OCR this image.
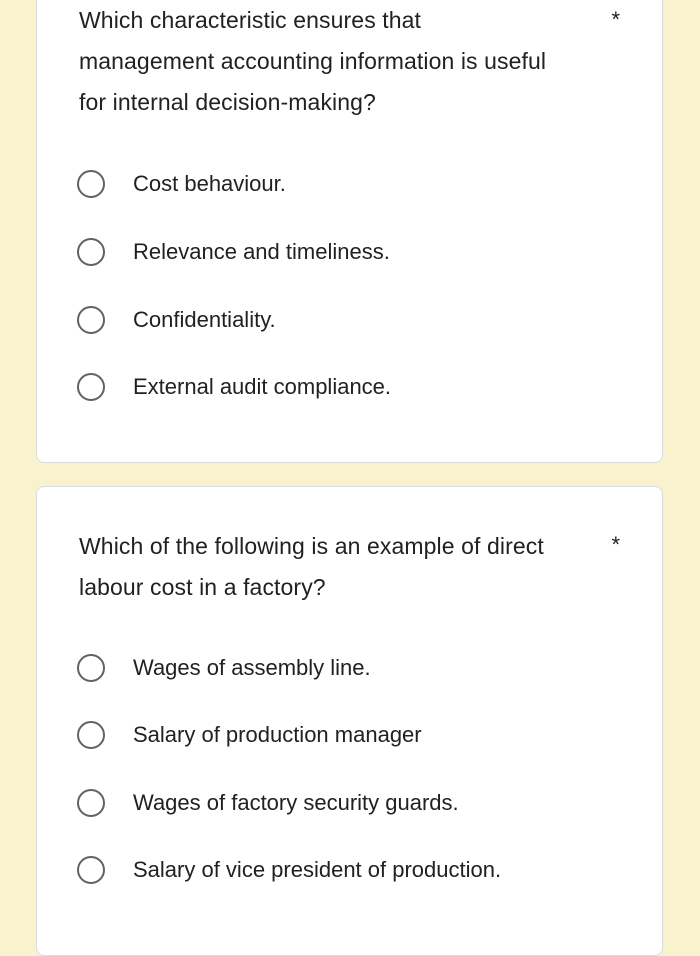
Which characteristic ensures that management accounting information is useful for internal decision-making?
*
Cost behaviour.
Relevance and timeliness.
Confidentiality.
External audit compliance.
Which of the following is an example of direct labour cost in a factory?
*
Wages of assembly line.
Salary of production manager
Wages of factory security guards.
Salary of vice president of production.
